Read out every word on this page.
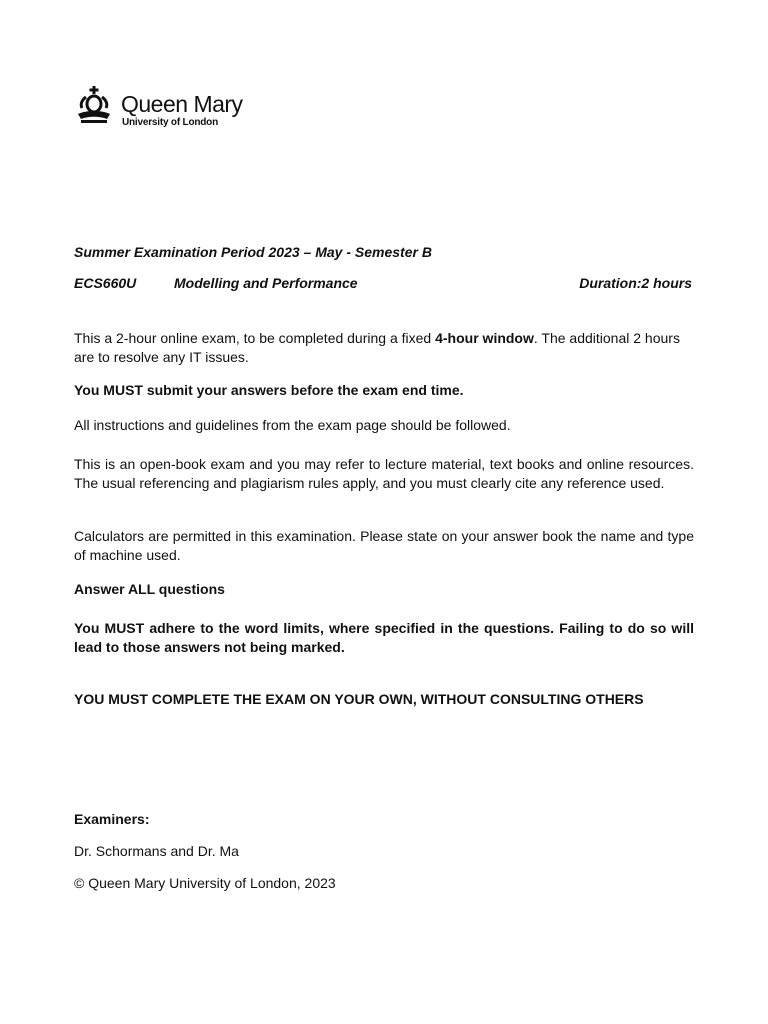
Queen Mary
University of London
Summer Examination Period 2023 – May - Semester B
ECS660U	Modelling and Performance	Duration:2 hours
This a 2-hour online exam, to be completed during a fixed 4-hour window. The additional 2 hours are to resolve any IT issues.
You MUST submit your answers before the exam end time.
All instructions and guidelines from the exam page should be followed.
This is an open-book exam and you may refer to lecture material, text books and online resources. The usual referencing and plagiarism rules apply, and you must clearly cite any reference used.
Calculators are permitted in this examination. Please state on your answer book the name and type of machine used.
Answer ALL questions
You MUST adhere to the word limits, where specified in the questions. Failing to do so will lead to those answers not being marked.
YOU MUST COMPLETE THE EXAM ON YOUR OWN, WITHOUT CONSULTING OTHERS
Examiners:
Dr. Schormans and Dr. Ma
© Queen Mary University of London, 2023
